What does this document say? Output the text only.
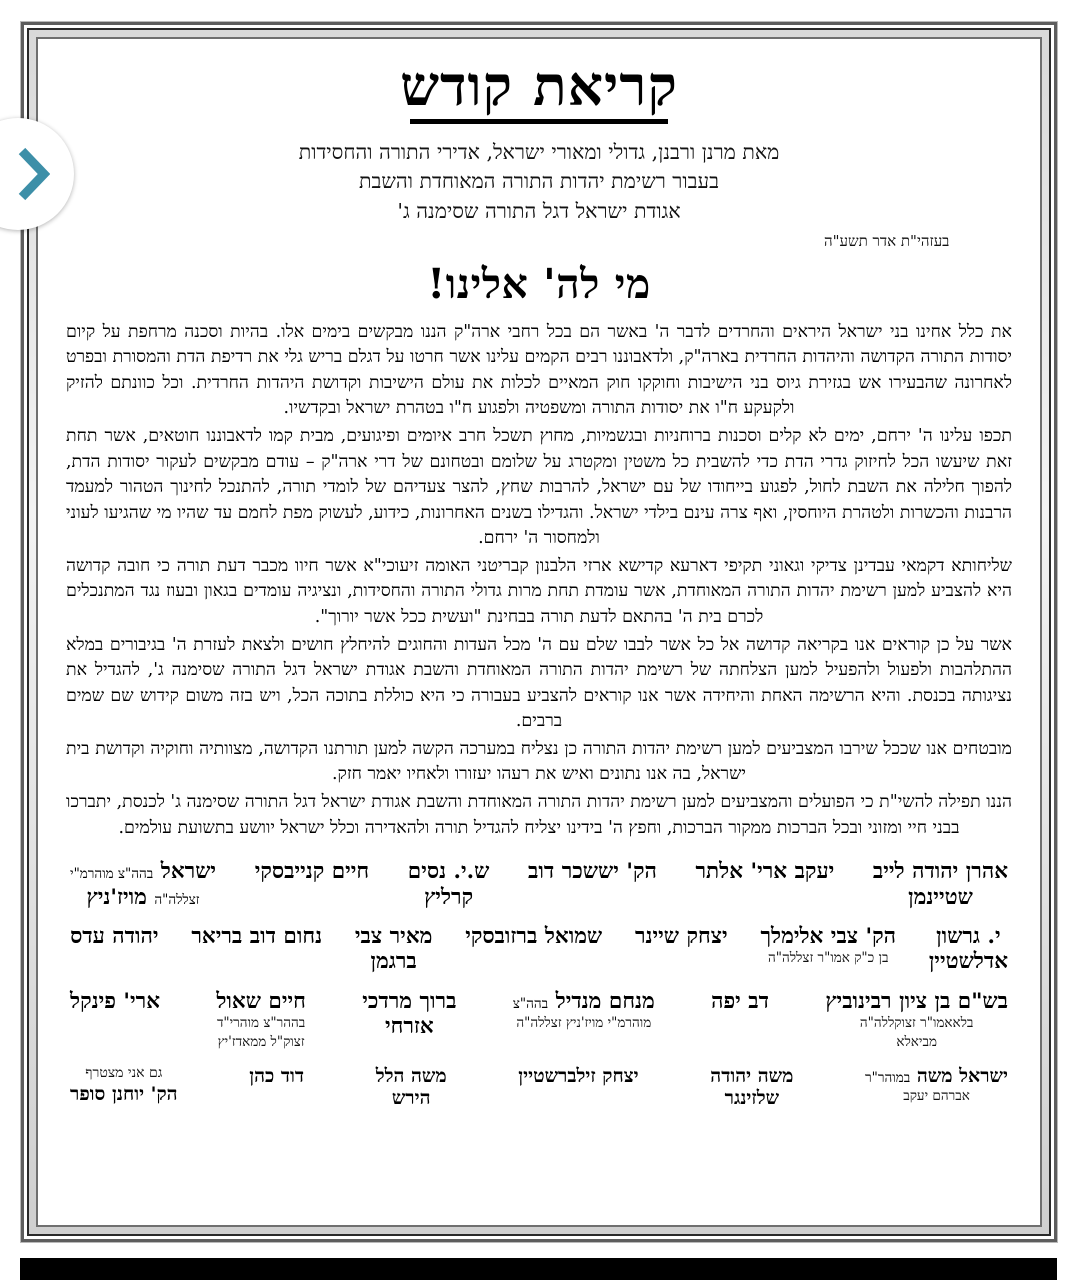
קריאת קודש
מאת מרנן ורבנן, גדולי ומאורי ישראל, אדירי התורה והחסידות
בעבור רשימת יהדות התורה המאוחדת והשבת
אגודת ישראל דגל התורה שסימנה ג'
בעזהי"ת אדר תשע"ה
מי לה' אלינו!

את כלל אחינו בני ישראל היראים והחרדים לדבר ה' באשר הם בכל רחבי ארה"ק הננו מבקשים בימים אלו. בהיות וסכנה מרחפת על קיום יסודות התורה הקדושה והיהדות החרדית בארה"ק, ולדאבוננו רבים הקמים עלינו אשר חרטו על דגלם בריש גלי את רדיפת הדת והמסורת ובפרט לאחרונה שהבעירו אש בגזירת גיוס בני הישיבות וחוקקו חוק המאיים לכלות את עולם הישיבות וקדושת היהדות החרדית. וכל כוונתם להזיק ולקעקע ח"ו את יסודות התורה ומשפטיה ולפגוע ח"ו בטהרת ישראל ובקדשיו.

תכפו עלינו ה' ירחם, ימים לא קלים וסכנות ברוחניות ובגשמיות, מחוץ תשכל חרב איומים ופיגועים, מבית קמו לדאבוננו חוטאים, אשר תחת זאת שיעשו הכל לחיזוק גדרי הדת כדי להשבית כל משטין ומקטרג על שלומם ובטחונם של דרי ארה"ק – עודם מבקשים לעקור יסודות הדת, להפוך חלילה את השבת לחול, לפגוע בייחודו של עם ישראל, להרבות שחץ, להצר צעדיהם של לומדי תורה, להתנכל לחינוך הטהור למעמד הרבנות והכשרות ולטהרת היוחסין, ואף צרה עינם בילדי ישראל. והגדילו בשנים האחרונות, כידוע, לעשוק מפת לחמם עד שהיו מי שהגיעו לעוני ולמחסור ה' ירחם.

שליחותא דקמאי עבדינן צדיקי וגאוני תקיפי דארעא קדישא ארזי הלבנון קבריטני האומה זיעוכי"א אשר חיוו מכבר דעת תורה כי חובה קדושה היא להצביע למען רשימת יהדות התורה המאוחדת, אשר עומדת תחת מרות גדולי התורה והחסידות, ונציגיה עומדים בגאון ובעוז נגד המתנכלים לכרם בית ה' בהתאם לדעת תורה בבחינת "ועשית ככל אשר יורוך".

אשר על כן קוראים אנו בקריאה קדושה אל כל אשר לבבו שלם עם ה' מכל העדות והחוגים להיחלץ חושים ולצאת לעזרת ה' בגיבורים במלא ההתלהבות ולפעול ולהפעיל למען הצלחתה של רשימת יהדות התורה המאוחדת והשבת אגודת ישראל דגל התורה שסימנה ג', להגדיל את נציגותה בכנסת. והיא הרשימה האחת והיחידה אשר אנו קוראים להצביע בעבורה כי היא כוללת בתוכה הכל, ויש בזה משום קידוש שם שמים ברבים.

מובטחים אנו שככל שירבו המצביעים למען רשימת יהדות התורה כן נצליח במערכה הקשה למען תורתנו הקדושה, מצוותיה וחוקיה וקדושת בית ישראל, בה אנו נתונים ואיש את רעהו יעזורו ולאחיו יאמר חזק.

הננו תפילה להשי"ת כי הפועלים והמצביעים למען רשימת יהדות התורה המאוחדת והשבת אגודת ישראל דגל התורה שסימנה ג' לכנסת, יתברכו בבני חיי ומזוני ובכל הברכות ממקור הברכות, וחפץ ה' בידינו יצליח להגדיל תורה ולהאדירה וכלל ישראל יוושע בתשועת עולמים.

אהרן יהודה לייב
שטיינמן
יעקב ארי' אלתר
הק' יששכר דוב
ש.י. נסים
קרליץ
חיים קנייבסקי
ישראל בהה"צ מוהרמ"י
זצללה"ה מויז'ניץ
י. גרשון
אדלשטיין
הק' צבי אלימלך
בן כ"ק אמו"ר זצללה"ה
יצחק שיינר
שמואל ברזובסקי
מאיר צבי
ברגמן
נחום דוב בריאר
יהודה עדס
בש"ם בן ציון רבינוביץ
בלאאמו"ר זצוקללה"ה
מביאלא
דב יפה
מנחם מנדיל בהה"צ
מוהרמ"י מויז'ניץ זצללה"ה
ברוך מרדכי
אזרחי
חיים שאול
בההר"צ מוהרי"ד
זצוק"ל ממאדז'יץ
ארי' פינקל
ישראל משה במוהר"ר
אברהם יעקב
משה יהודה
שלזינגר
יצחק זילברשטיין
משה הלל
הירש
דוד כהן
גם אני מצטרף
הק' יוחנן סופר
